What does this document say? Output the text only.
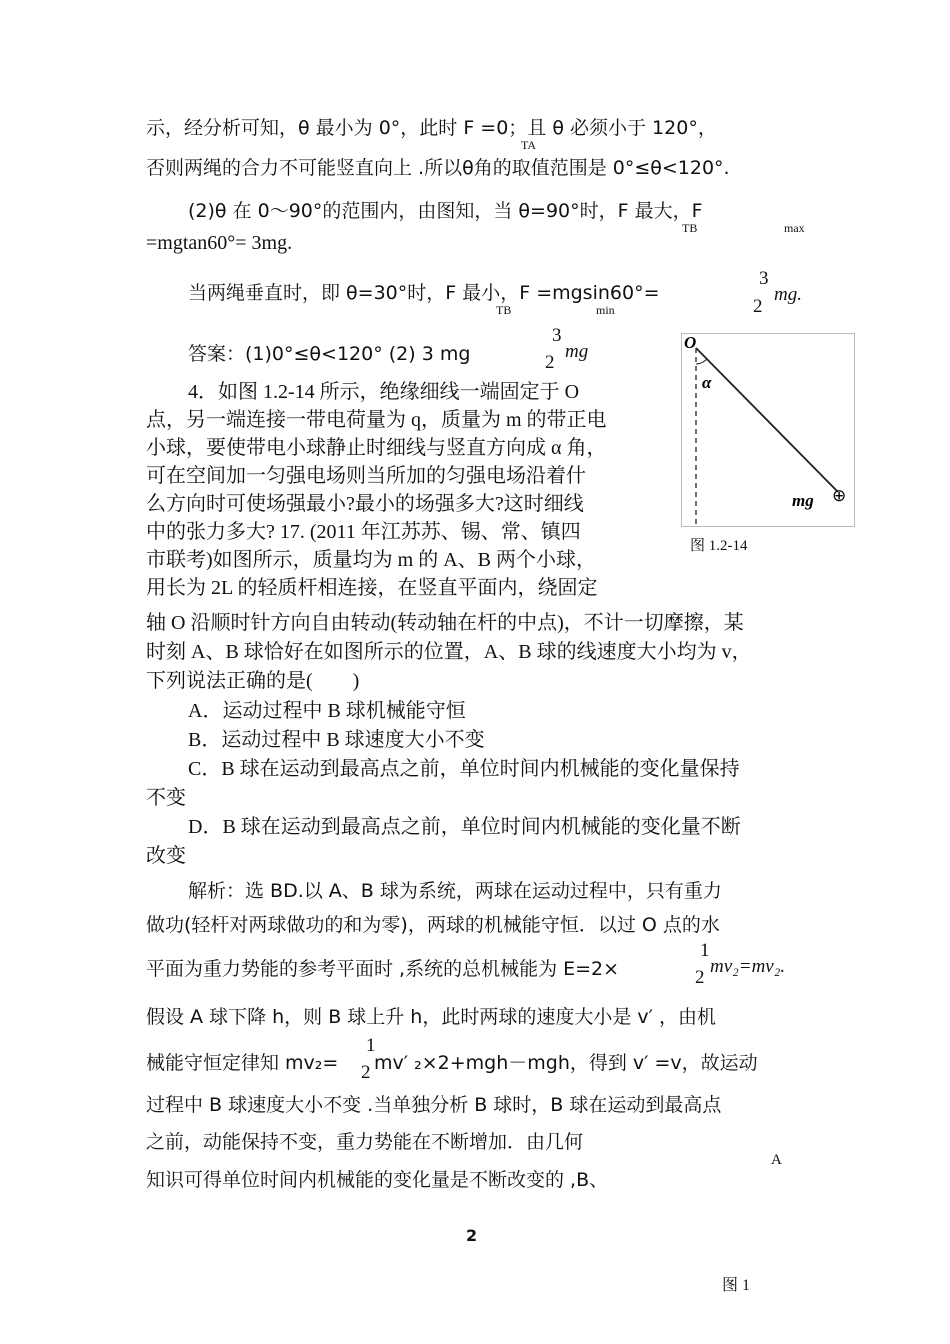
示，经分析可知，θ 最小为 0°，此时 F =0；且 θ 必须小于 120°，
TA
否则两绳的合力不可能竖直向上 .所以θ角的取值范围是 0°≤θ<120°.
(2)θ 在 0～90°的范围内，由图知，当 θ=90°时，F 最大，F
TB	max
=mgtan60°= 3mg.
当两绳垂直时，即 θ=30°时，F 最小，F =mgsin60°=
TB	min
3
2
mg.
答案：(1)0°≤θ<120° (2) 3 mg
3
2
mg
4．如图 1.2-14 所示，绝缘细线一端固定于 O
点，另一端连接一带电荷量为 q，质量为 m 的带正电
小球，要使带电小球静止时细线与竖直方向成 α 角，
可在空间加一匀强电场则当所加的匀强电场沿着什
么方向时可使场强最小?最小的场强多大?这时细线
中的张力多大? 17. (2011 年江苏苏、锡、常、镇四
市联考)如图所示，质量均为 m 的 A、B 两个小球，
用长为 2L 的轻质杆相连接，在竖直平面内，绕固定
轴 O 沿顺时针方向自由转动(转动轴在杆的中点)，不计一切摩擦，某
时刻 A、B 球恰好在如图所示的位置，A、B 球的线速度大小均为 v，
下列说法正确的是(　　)
O
α
mg ⊕
图 1.2-14
A．运动过程中 B 球机械能守恒
B．运动过程中 B 球速度大小不变
C．B 球在运动到最高点之前，单位时间内机械能的变化量保持
不变
D．B 球在运动到最高点之前，单位时间内机械能的变化量不断
改变
解析：选 BD.以 A、B 球为系统，两球在运动过程中，只有重力
做功(轻杆对两球做功的和为零)，两球的机械能守恒．以过 O 点的水
平面为重力势能的参考平面时 ,系统的总机械能为 E=2×
1
2
mv₂=mv₂.
假设 A 球下降 h，则 B 球上升 h，此时两球的速度大小是 v′ ，由机
械能守恒定律知 mv₂=
1
2 mv′ ₂×2+mgh－mgh，得到 v′ =v，故运动
过程中 B 球速度大小不变 .当单独分析 B 球时，B 球在运动到最高点
之前，动能保持不变，重力势能在不断增加．由几何
知识可得单位时间内机械能的变化量是不断改变的 ,B、
A
2
图 1
